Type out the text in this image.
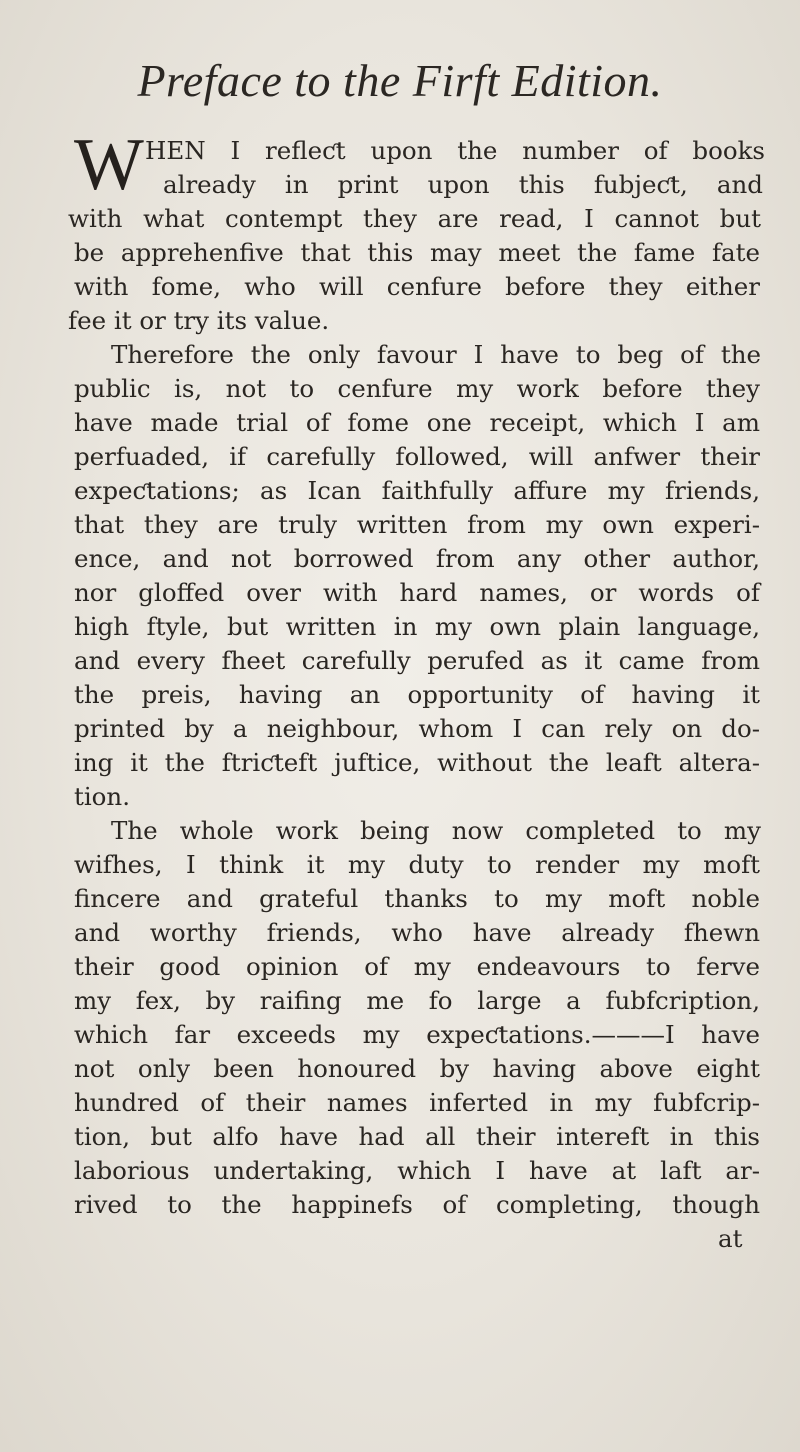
Preface to the Firft Edition.
W HEN I refleƈt upon the number of books
already in print upon this fubjeƈt, and
with what contempt they are read, I cannot but
be apprehenfive that this may meet the fame fate
with fome, who will cenfure before they either
fee it or try its value.
Therefore the only favour I have to beg of the
public is, not to cenfure my work before they
have made trial of fome one receipt, which I am
perfuaded, if carefully followed, will anfwer their
expeƈtations; as Ican faithfully affure my friends,
that they are truly written from my own experi-
ence, and not borrowed from any other author,
nor gloffed over with hard names, or words of
high ftyle, but written in my own plain language,
and every fheet carefully perufed as it came from
the preis, having an opportunity of having it
printed by a neighbour, whom I can rely on do-
ing it the ftriƈteft juftice, without the leaft altera-
tion.
The whole work being now completed to my
wifhes, I think it my duty to render my moft
fincere and grateful thanks to my moft noble
and worthy friends, who have already fhewn
their good opinion of my endeavours to ferve
my fex, by raifing me fo large a fubfcription,
which far exceeds my expeƈtations.———I have
not only been honoured by having above eight
hundred of their names inferted in my fubfcrip-
tion, but alfo have had all their intereft in this
laborious undertaking, which I have at laft ar-
rived to the happinefs of completing, though
at
